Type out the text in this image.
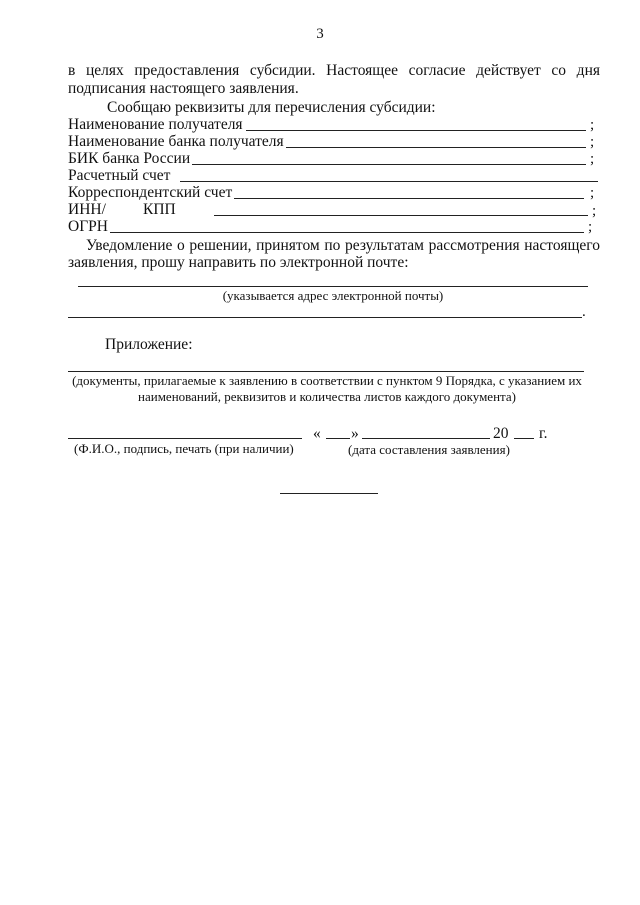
3
в целях предоставления субсидии. Настоящее согласие действует со дня
подписания настоящего заявления.
Сообщаю реквизиты для перечисления субсидии:
Наименование получателя	;
Наименование банка получателя	;
БИК банка России	;
Расчетный счет
Корреспондентский счет	;
ИНН/ КПП	;
ОГРН	;
Уведомление о решении, принятом по результатам рассмотрения настоящего
заявления, прошу направить по электронной почте:
(указывается адрес электронной почты)
.
Приложение:
(документы, прилагаемые к заявлению в соответствии с пунктом 9 Порядка, с указанием их
наименований, реквизитов и количества листов каждого документа)
« »	20 г.
(Ф.И.О., подпись, печать (при наличии)	(дата составления заявления)
